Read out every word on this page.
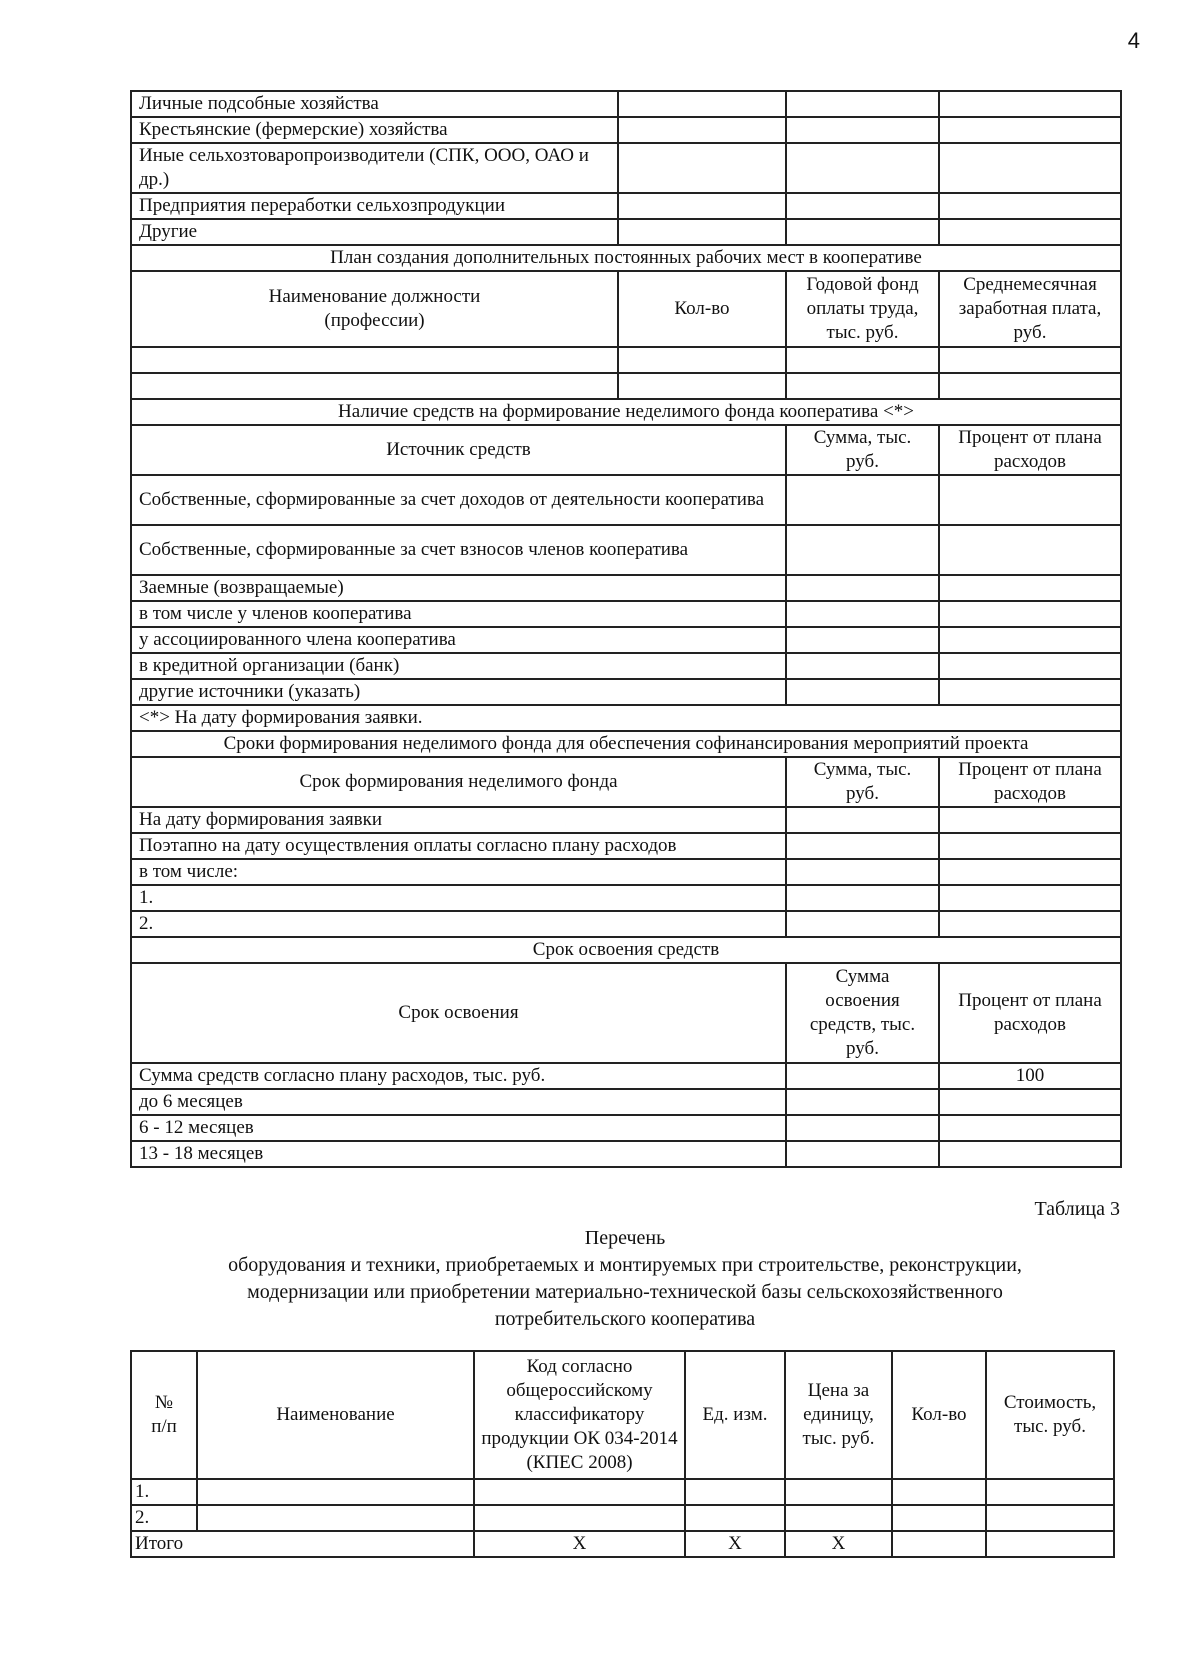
4
Личные подсобные хозяйства			
Крестьянские (фермерские) хозяйства			
Иные сельхозтоваропроизводители (СПК, ООО, ОАО и др.)			
Предприятия переработки сельхозпродукции			
Другие			
План создания дополнительных постоянных рабочих мест в кооперативе			
Наименование должности (профессии)	Кол-во	Годовой фонд оплаты труда, тыс. руб.	Среднемесячная заработная плата, руб.

Наличие средств на формирование неделимого фонда кооператива <*>			
Источник средств		Сумма, тыс. руб.	Процент от плана расходов
Собственные, сформированные за счет доходов от деятельности кооператива			
Собственные, сформированные за счет взносов членов кооператива			
Заемные (возвращаемые)			
в том числе у членов кооператива			
у ассоциированного члена кооператива			
в кредитной организации (банк)			
другие источники (указать)			
<*> На дату формирования заявки.			
Сроки формирования неделимого фонда для обеспечения софинансирования мероприятий проекта			
Срок формирования неделимого фонда		Сумма, тыс. руб.	Процент от плана расходов
На дату формирования заявки			
Поэтапно на дату осуществления оплаты согласно плану расходов			
в том числе:			
1.			
2.			
Срок освоения средств			
Срок освоения		Сумма освоения средств, тыс. руб.	Процент от плана расходов
Сумма средств согласно плану расходов, тыс. руб.			100
до 6 месяцев			
6 - 12 месяцев			
13 - 18 месяцев			
Таблица 3
Перечень
оборудования и техники, приобретаемых и монтируемых при строительстве, реконструкции,
модернизации или приобретении материально-технической базы сельскохозяйственного
потребительского кооператива
№ п/п	Наименование	Код согласно общероссийскому классификатору продукции ОК 034-2014 (КПЕС 2008)	Ед. изм.	Цена за единицу, тыс. руб.	Кол-во	Стоимость, тыс. руб.
1.						
2.						
Итого		X	X	X		
